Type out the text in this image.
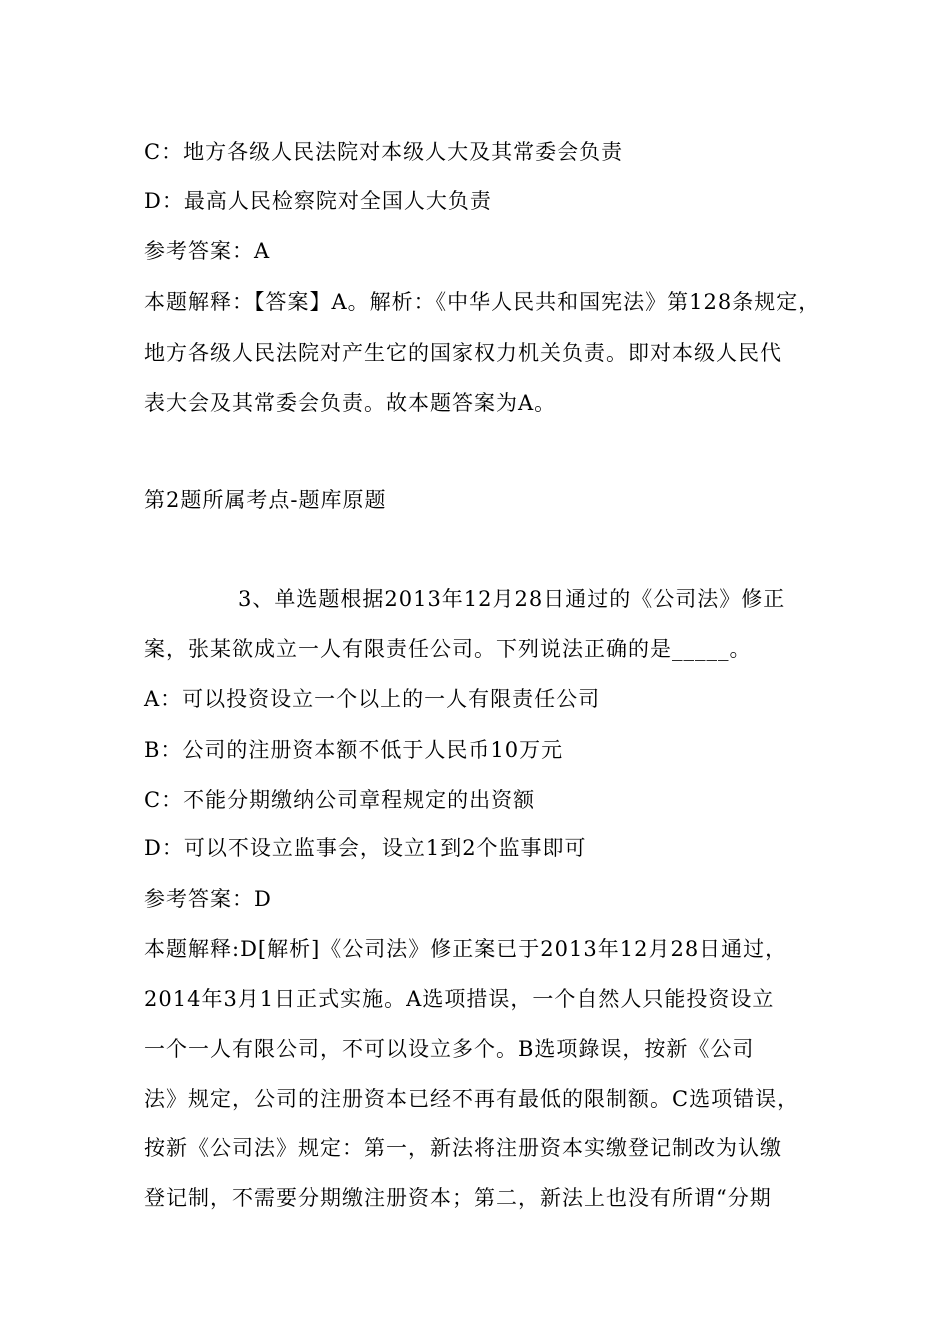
C：地方各级人民法院对本级人大及其常委会负责
D：最高人民检察院对全国人大负责
参考答案：A
本题解释：【答案】A。解析：《中华人民共和国宪法》第128条规定，
地方各级人民法院对产生它的国家权力机关负责。即对本级人民代
表大会及其常委会负责。故本题答案为A。
第2题所属考点-题库原题
3、单选题根据2013年12月28日通过的《公司法》修正
案，张某欲成立一人有限责任公司。下列说法正确的是_____。
A：可以投资设立一个以上的一人有限责任公司
B：公司的注册资本额不低于人民币10万元
C：不能分期缴纳公司章程规定的出资额
D：可以不设立监事会，设立1到2个监事即可
参考答案：D
本题解释:D[解析]《公司法》修正案已于2013年12月28日通过，
2014年3月1日正式实施。A选项措误，一个自然人只能投资设立
一个一人有限公司，不可以设立多个。B选项錄误，按新《公司
法》规定，公司的注册资本已经不再有最低的限制额。C选项错误，
按新《公司法》规定：第一，新法将注册资本实缴登记制改为认缴
登记制，不需要分期缴注册资本；第二，新法上也没有所谓“分期
